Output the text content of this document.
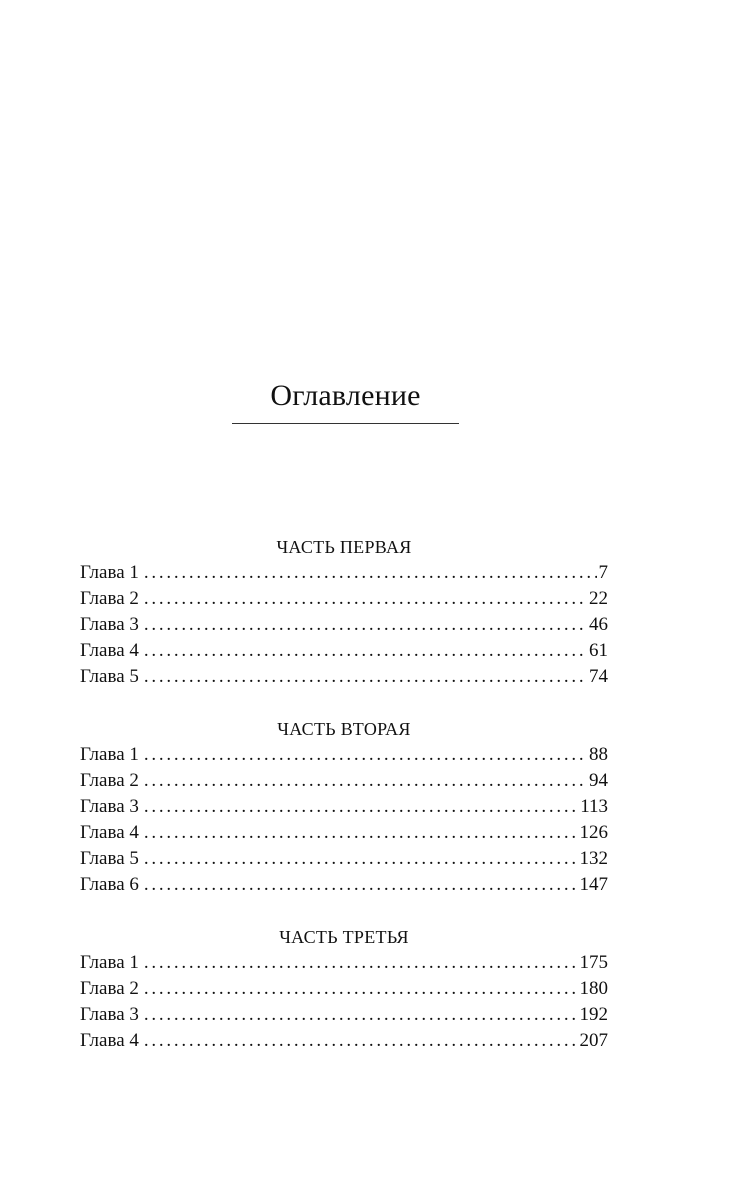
Оглавление
ЧАСТЬ ПЕРВАЯ
Глава 1 . . .	7
Глава 2 . . .	22
Глава 3 . . .	46
Глава 4 . . .	61
Глава 5 . . .	74
ЧАСТЬ ВТОРАЯ
Глава 1 . . .	88
Глава 2 . . .	94
Глава 3 . . .	113
Глава 4 . . .	126
Глава 5 . . .	132
Глава 6 . . .	147
ЧАСТЬ ТРЕТЬЯ
Глава 1 . . .	175
Глава 2 . . .	180
Глава 3 . . .	192
Глава 4 . . .	207
